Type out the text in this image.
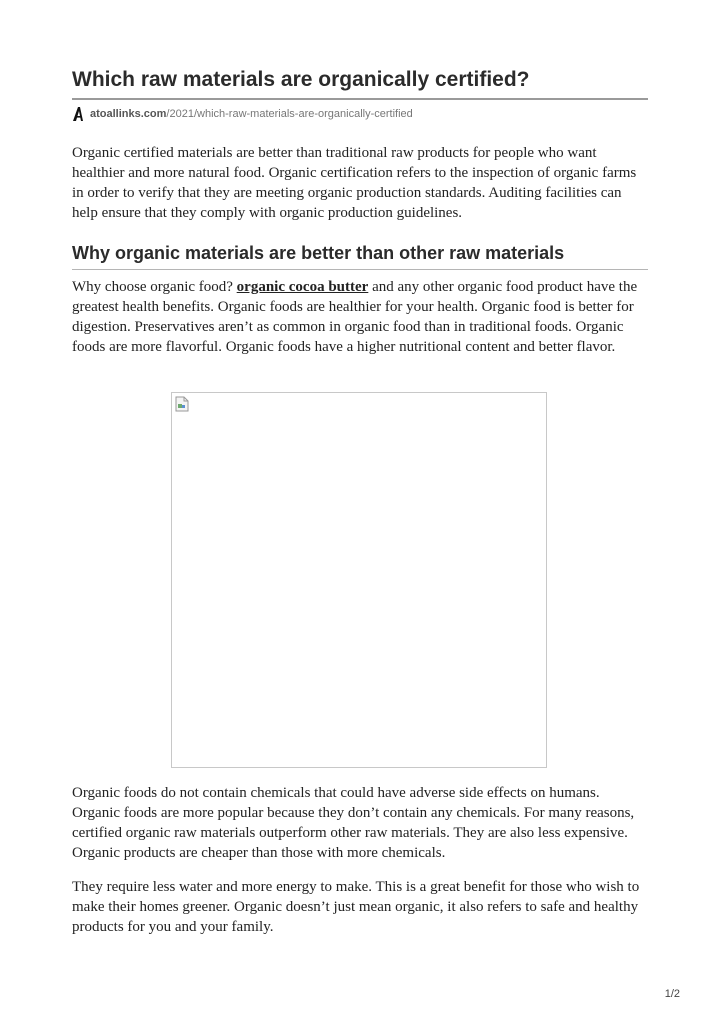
Which raw materials are organically certified?
atoallinks.com /2021/which-raw-materials-are-organically-certified

Organic certified materials are better than traditional raw products for people who want healthier and more natural food. Organic certification refers to the inspection of organic farms in order to verify that they are meeting organic production standards. Auditing facilities can help ensure that they comply with organic production guidelines.

Why organic materials are better than other raw materials

Why choose organic food? organic cocoa butter and any other organic food product have the greatest health benefits. Organic foods are healthier for your health. Organic food is better for digestion. Preservatives aren’t as common in organic food than in traditional foods. Organic foods are more flavorful. Organic foods have a higher nutritional content and better flavor.

Organic foods do not contain chemicals that could have adverse side effects on humans. Organic foods are more popular because they don’t contain any chemicals. For many reasons, certified organic raw materials outperform other raw materials. They are also less expensive. Organic products are cheaper than those with more chemicals.

They require less water and more energy to make. This is a great benefit for those who wish to make their homes greener. Organic doesn’t just mean organic, it also refers to safe and healthy products for you and your family.

1/2
